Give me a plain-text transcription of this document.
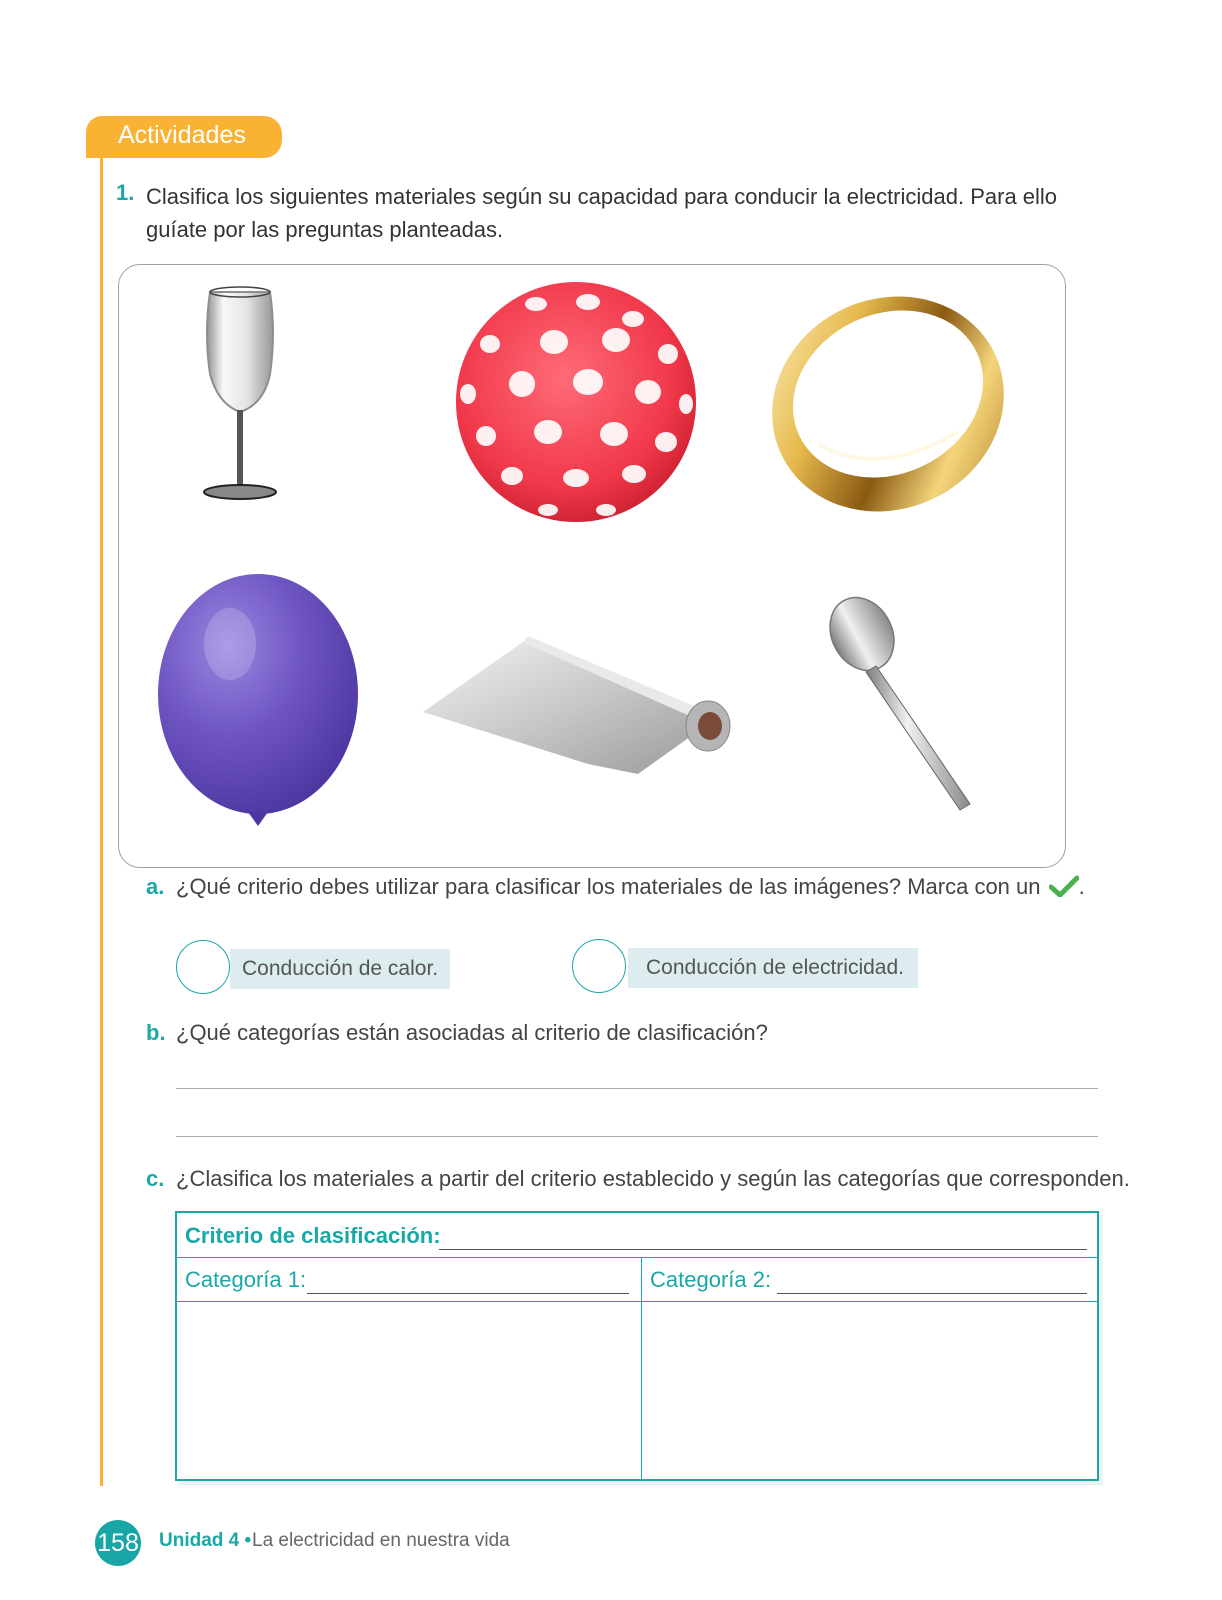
Actividades
1. Clasifica los siguientes materiales según su capacidad para conducir la electricidad. Para ello guíate por las preguntas planteadas.
a. ¿Qué criterio debes utilizar para clasificar los materiales de las imágenes? Marca con un .
Conducción de calor.	Conducción de electricidad.
b. ¿Qué categorías están asociadas al criterio de clasificación?
c. ¿Clasifica los materiales a partir del criterio establecido y según las categorías que corresponden.
Criterio de clasificación:
Categoría 1:	Categoría 2:
158 Unidad 4 • La electricidad en nuestra vida
